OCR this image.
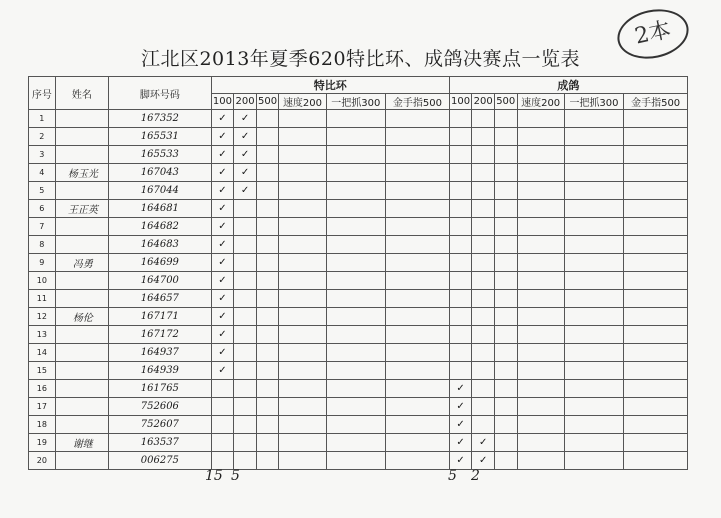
江北区2013年夏季620特比环、成鸽决赛点一览表
2本
序号	姓名	脚环号码	特比环						成鸽					
			100	200	500	速度200	一把抓300	金手指500	100	200	500	速度200	一把抓300	金手指500
1		167352	✓	✓										
2		165531	✓	✓										
3		165533	✓	✓										
4	杨玉光	167043	✓	✓										
5		167044	✓	✓										
6	王正英	164681	✓											
7		164682	✓											
8		164683	✓											
9	冯勇	164699	✓											
10		164700	✓											
11		164657	✓											
12	杨伦	167171	✓											
13		167172	✓											
14		164937	✓											
15		164939	✓											
16		161765							✓					
17		752606							✓					
18		752607							✓					
19	谢继	163537							✓	✓				
20		006275							✓	✓				
15 5	5 2
